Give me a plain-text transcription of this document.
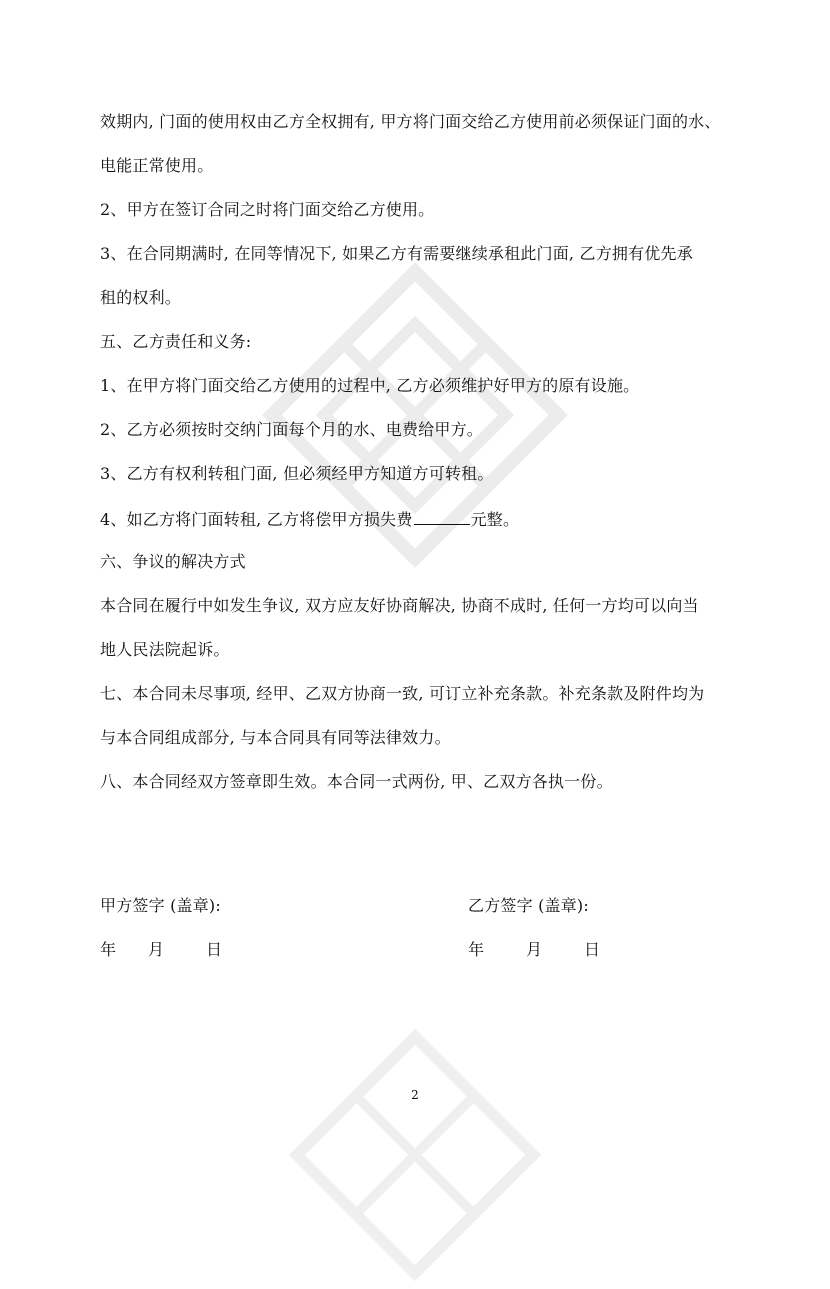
效期内, 门面的使用权由乙方全权拥有, 甲方将门面交给乙方使用前必须保证门面的水、
电能正常使用。
2、甲方在签订合同之时将门面交给乙方使用。
3、在合同期满时, 在同等情况下, 如果乙方有需要继续承租此门面, 乙方拥有优先承
租的权利。
五、乙方责任和义务:
1、在甲方将门面交给乙方使用的过程中, 乙方必须维护好甲方的原有设施。
2、乙方必须按时交纳门面每个月的水、电费给甲方。
3、乙方有权利转租门面, 但必须经甲方知道方可转租。
4、如乙方将门面转租, 乙方将偿甲方损失费	元整。
六、争议的解决方式
本合同在履行中如发生争议, 双方应友好协商解决, 协商不成时, 任何一方均可以向当
地人民法院起诉。
七、本合同未尽事项, 经甲、乙双方协商一致, 可订立补充条款。补充条款及附件均为
与本合同组成部分, 与本合同具有同等法律效力。
八、本合同经双方签章即生效。本合同一式两份, 甲、乙双方各执一份。
甲方签字 (盖章):	乙方签字 (盖章):
年 月	日	年	月	日
2
